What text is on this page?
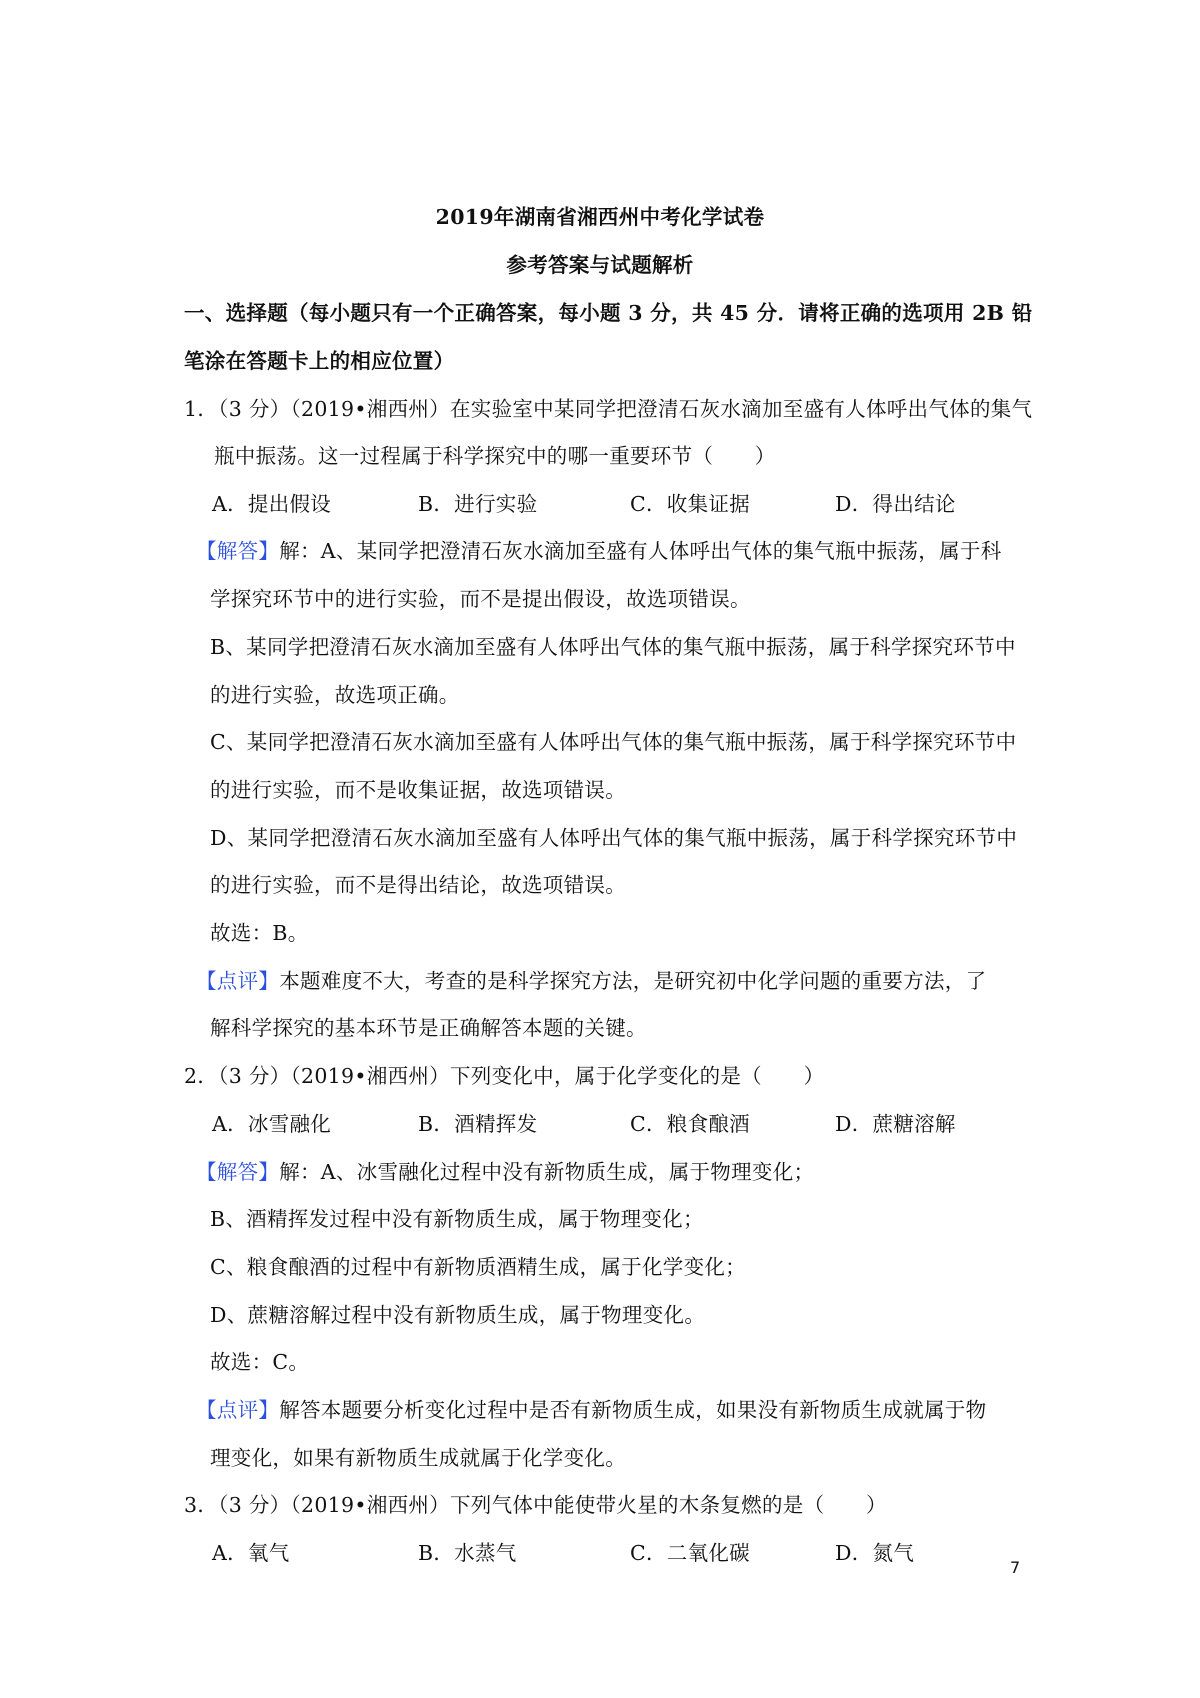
2019年湖南省湘西州中考化学试卷
参考答案与试题解析
一、选择题（每小题只有一个正确答案，每小题 3 分，共 45 分．请将正确的选项用 2B 铅
笔涂在答题卡上的相应位置）
1．（3 分）（2019•湘西州）在实验室中某同学把澄清石灰水滴加至盛有人体呼出气体的集气
瓶中振荡。这一过程属于科学探究中的哪一重要环节（　　）
A．提出假设	B．进行实验	C．收集证据	D．得出结论
【解答】解：A、某同学把澄清石灰水滴加至盛有人体呼出气体的集气瓶中振荡，属于科
学探究环节中的进行实验，而不是提出假设，故选项错误。
B、某同学把澄清石灰水滴加至盛有人体呼出气体的集气瓶中振荡，属于科学探究环节中
的进行实验，故选项正确。
C、某同学把澄清石灰水滴加至盛有人体呼出气体的集气瓶中振荡，属于科学探究环节中
的进行实验，而不是收集证据，故选项错误。
D、某同学把澄清石灰水滴加至盛有人体呼出气体的集气瓶中振荡，属于科学探究环节中
的进行实验，而不是得出结论，故选项错误。
故选：B。
【点评】本题难度不大，考查的是科学探究方法，是研究初中化学问题的重要方法，了
解科学探究的基本环节是正确解答本题的关键。
2．（3 分）（2019•湘西州）下列变化中，属于化学变化的是（　　）
A．冰雪融化	B．酒精挥发	C．粮食酿酒	D．蔗糖溶解
【解答】解：A、冰雪融化过程中没有新物质生成，属于物理变化；
B、酒精挥发过程中没有新物质生成，属于物理变化；
C、粮食酿酒的过程中有新物质酒精生成，属于化学变化；
D、蔗糖溶解过程中没有新物质生成，属于物理变化。
故选：C。
【点评】解答本题要分析变化过程中是否有新物质生成，如果没有新物质生成就属于物
理变化，如果有新物质生成就属于化学变化。
3．（3 分）（2019•湘西州）下列气体中能使带火星的木条复燃的是（　　）
A．氧气	B．水蒸气	C．二氧化碳	D．氮气
7
